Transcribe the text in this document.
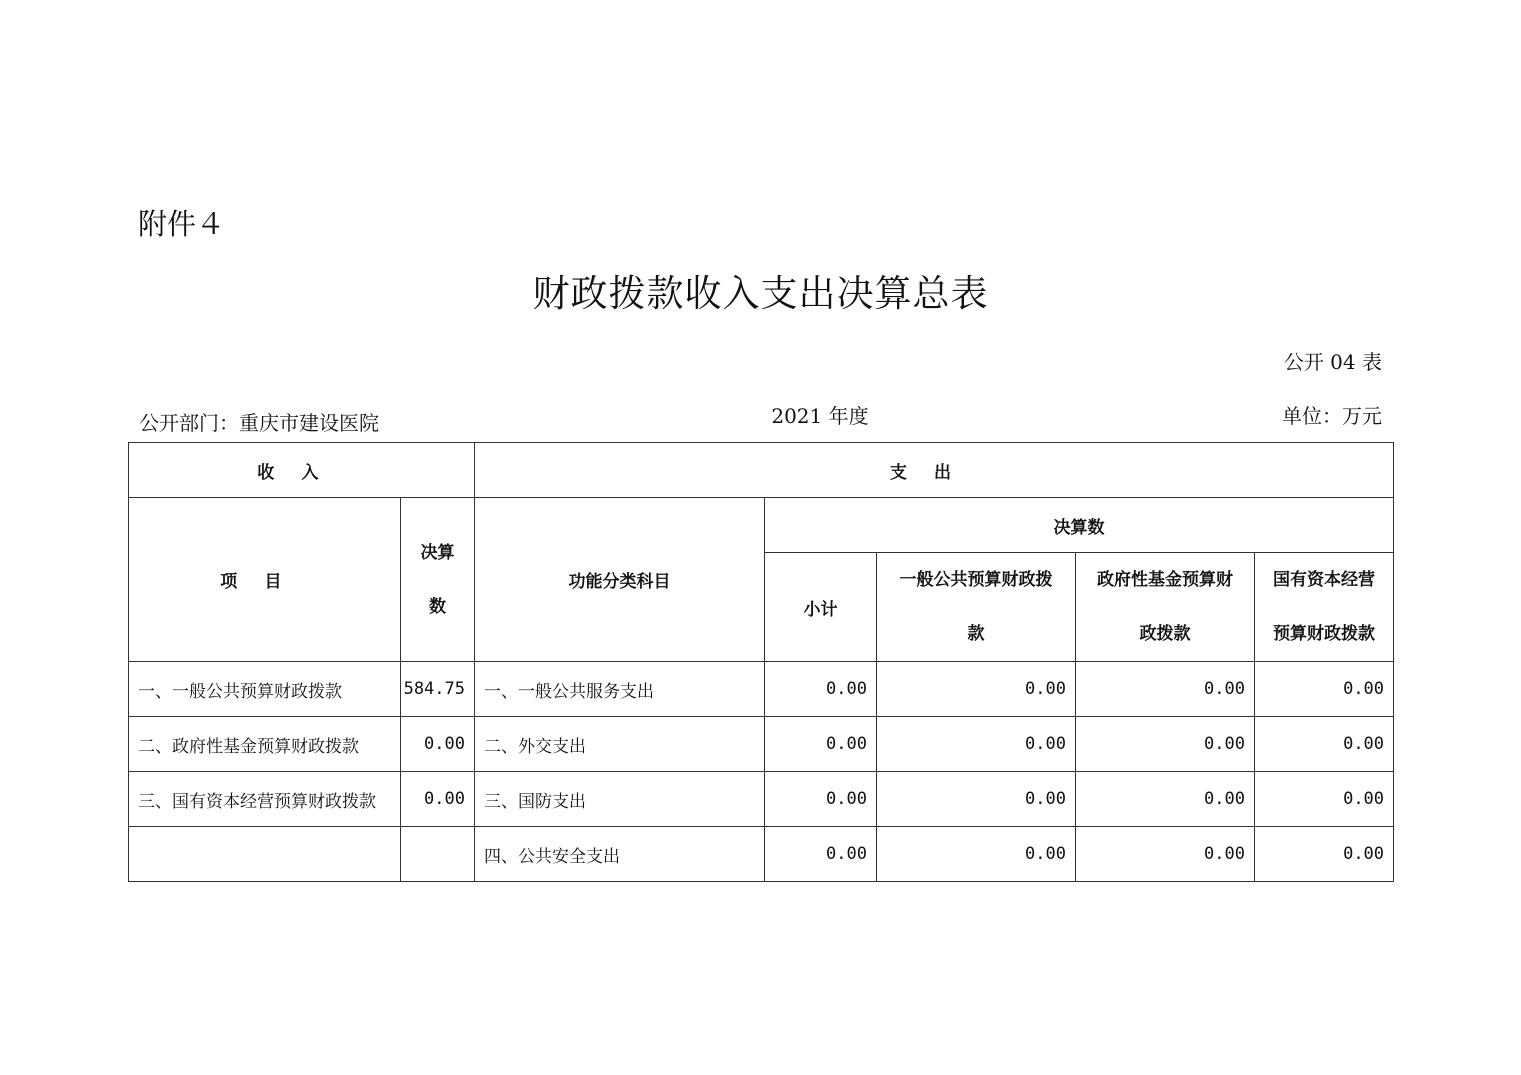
附件４
财政拨款收入支出决算总表
公开 04 表
公开部门：重庆市建设医院	2021 年度	单位：万元
收入		支出				
项目	决算数	功能分类科目	决算数			
			小计	一般公共预算财政拨款	政府性基金预算财政拨款	国有资本经营预算财政拨款
一、一般公共预算财政拨款	584.75	一、一般公共服务支出	0.00	0.00	0.00	0.00
二、政府性基金预算财政拨款	0.00	二、外交支出	0.00	0.00	0.00	0.00
三、国有资本经营预算财政拨款	0.00	三、国防支出	0.00	0.00	0.00	0.00
		四、公共安全支出	0.00	0.00	0.00	0.00
